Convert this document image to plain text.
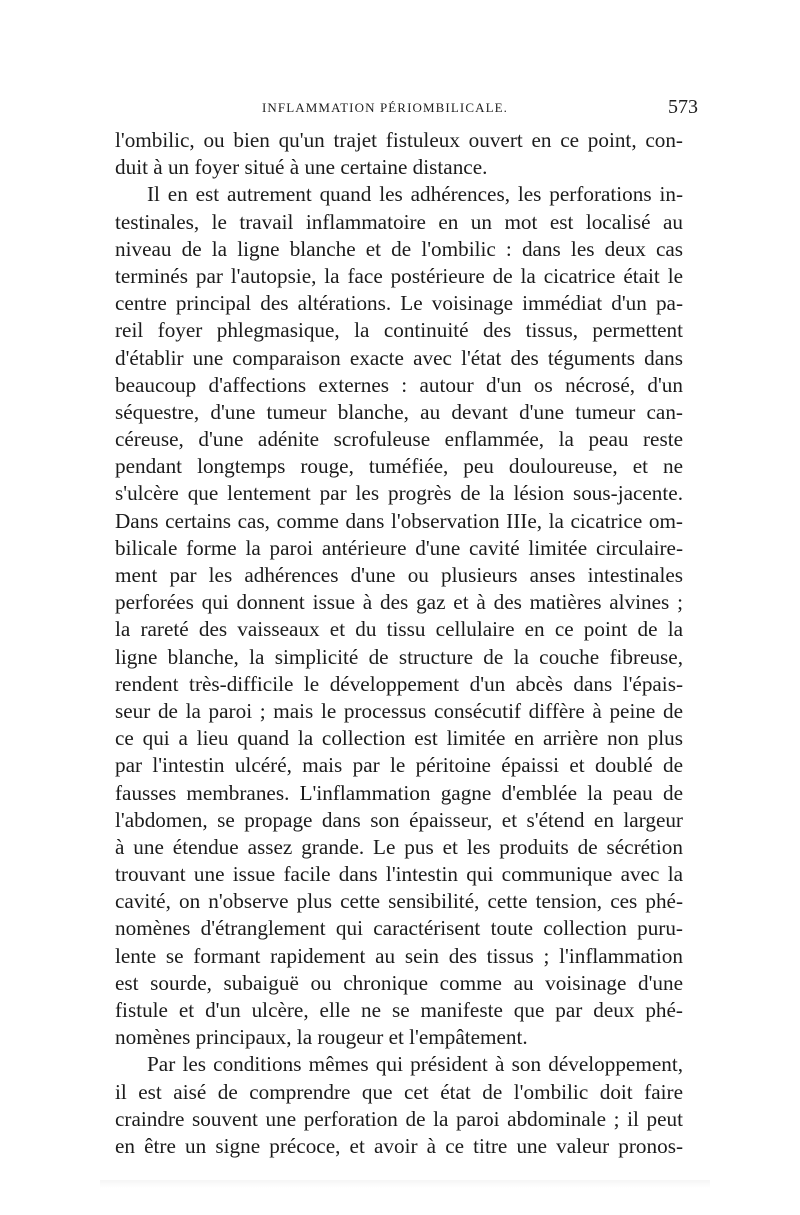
INFLAMMATION PÉRIOMBILICALE.	573
l'ombilic, ou bien qu'un trajet fistuleux ouvert en ce point, con-
duit à un foyer situé à une certaine distance.
Il en est autrement quand les adhérences, les perforations in-
testinales, le travail inflammatoire en un mot est localisé au
niveau de la ligne blanche et de l'ombilic : dans les deux cas
terminés par l'autopsie, la face postérieure de la cicatrice était le
centre principal des altérations. Le voisinage immédiat d'un pa-
reil foyer phlegmasique, la continuité des tissus, permettent
d'établir une comparaison exacte avec l'état des téguments dans
beaucoup d'affections externes : autour d'un os nécrosé, d'un
séquestre, d'une tumeur blanche, au devant d'une tumeur can-
céreuse, d'une adénite scrofuleuse enflammée, la peau reste
pendant longtemps rouge, tuméfiée, peu douloureuse, et ne
s'ulcère que lentement par les progrès de la lésion sous-jacente.
Dans certains cas, comme dans l'observation IIIe, la cicatrice om-
bilicale forme la paroi antérieure d'une cavité limitée circulaire-
ment par les adhérences d'une ou plusieurs anses intestinales
perforées qui donnent issue à des gaz et à des matières alvines ;
la rareté des vaisseaux et du tissu cellulaire en ce point de la
ligne blanche, la simplicité de structure de la couche fibreuse,
rendent très-difficile le développement d'un abcès dans l'épais-
seur de la paroi ; mais le processus consécutif diffère à peine de
ce qui a lieu quand la collection est limitée en arrière non plus
par l'intestin ulcéré, mais par le péritoine épaissi et doublé de
fausses membranes. L'inflammation gagne d'emblée la peau de
l'abdomen, se propage dans son épaisseur, et s'étend en largeur
à une étendue assez grande. Le pus et les produits de sécrétion
trouvant une issue facile dans l'intestin qui communique avec la
cavité, on n'observe plus cette sensibilité, cette tension, ces phé-
nomènes d'étranglement qui caractérisent toute collection puru-
lente se formant rapidement au sein des tissus ; l'inflammation
est sourde, subaiguë ou chronique comme au voisinage d'une
fistule et d'un ulcère, elle ne se manifeste que par deux phé-
nomènes principaux, la rougeur et l'empâtement.
Par les conditions mêmes qui président à son développement,
il est aisé de comprendre que cet état de l'ombilic doit faire
craindre souvent une perforation de la paroi abdominale ; il peut
en être un signe précoce, et avoir à ce titre une valeur pronos-
